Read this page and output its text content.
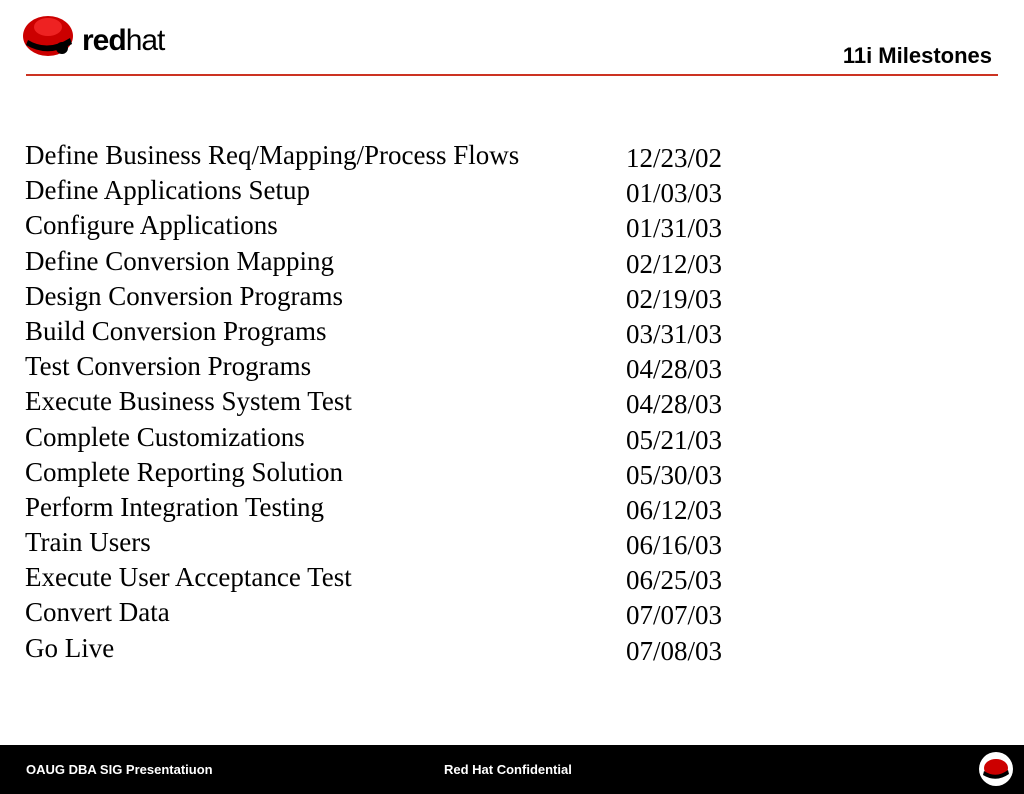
redhat	11i Milestones
Define Business Req/Mapping/Process Flows	12/23/02
Define Applications Setup	01/03/03
Configure Applications	01/31/03
Define Conversion Mapping	02/12/03
Design Conversion Programs	02/19/03
Build Conversion Programs	03/31/03
Test Conversion Programs	04/28/03
Execute Business System Test	04/28/03
Complete Customizations	05/21/03
Complete Reporting Solution	05/30/03
Perform Integration Testing	06/12/03
Train Users	06/16/03
Execute User Acceptance Test	06/25/03
Convert Data	07/07/03
Go Live	07/08/03
OAUG DBA SIG Presentatiuon	Red Hat Confidential
